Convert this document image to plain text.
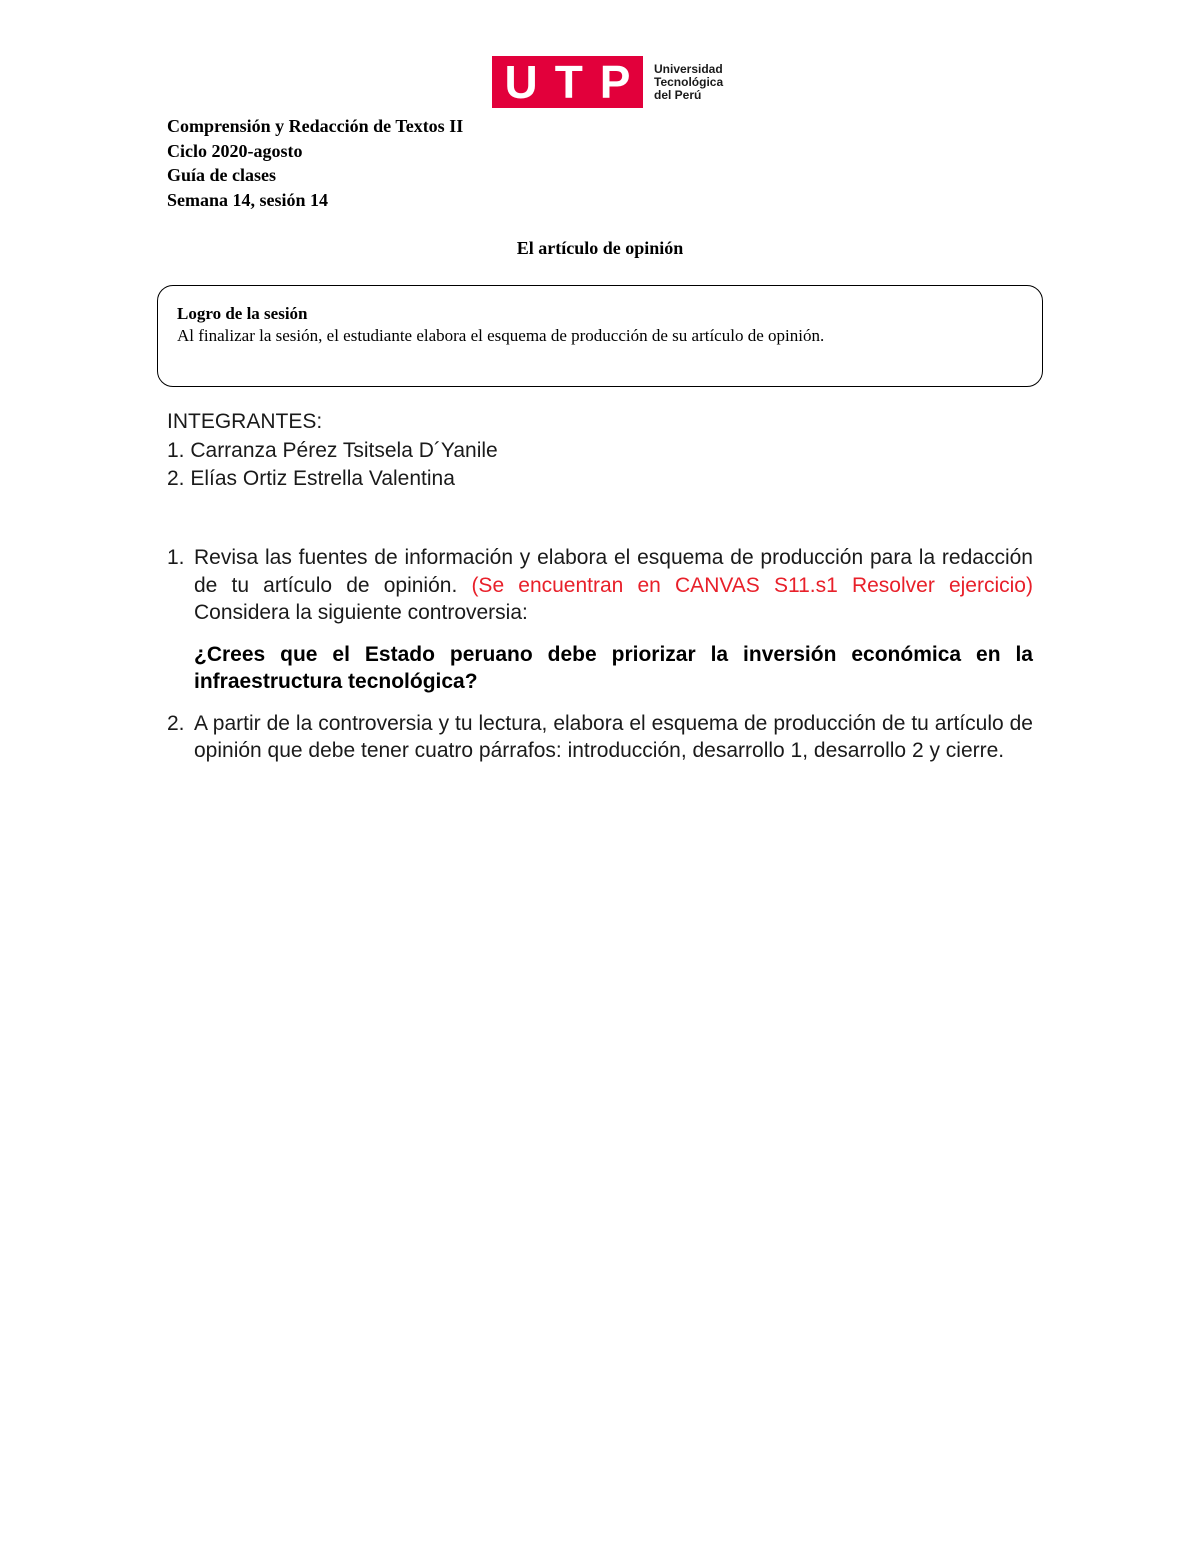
U T P Universidad
Tecnológica
del Perú
Comprensión y Redacción de Textos II
Ciclo 2020-agosto
Guía de clases
Semana 14, sesión 14
El artículo de opinión
Logro de la sesión
Al finalizar la sesión, el estudiante elabora el esquema de producción de su artículo de opinión.
INTEGRANTES:
1. Carranza Pérez Tsitsela D´Yanile
2. Elías Ortiz Estrella Valentina
1. Revisa las fuentes de información y elabora el esquema de producción para la redacción de tu artículo de opinión. (Se encuentran en CANVAS S11.s1 Resolver ejercicio) Considera la siguiente controversia:
¿Crees que el Estado peruano debe priorizar la inversión económica en la infraestructura tecnológica?
2. A partir de la controversia y tu lectura, elabora el esquema de producción de tu artículo de opinión que debe tener cuatro párrafos: introducción, desarrollo 1, desarrollo 2 y cierre.
